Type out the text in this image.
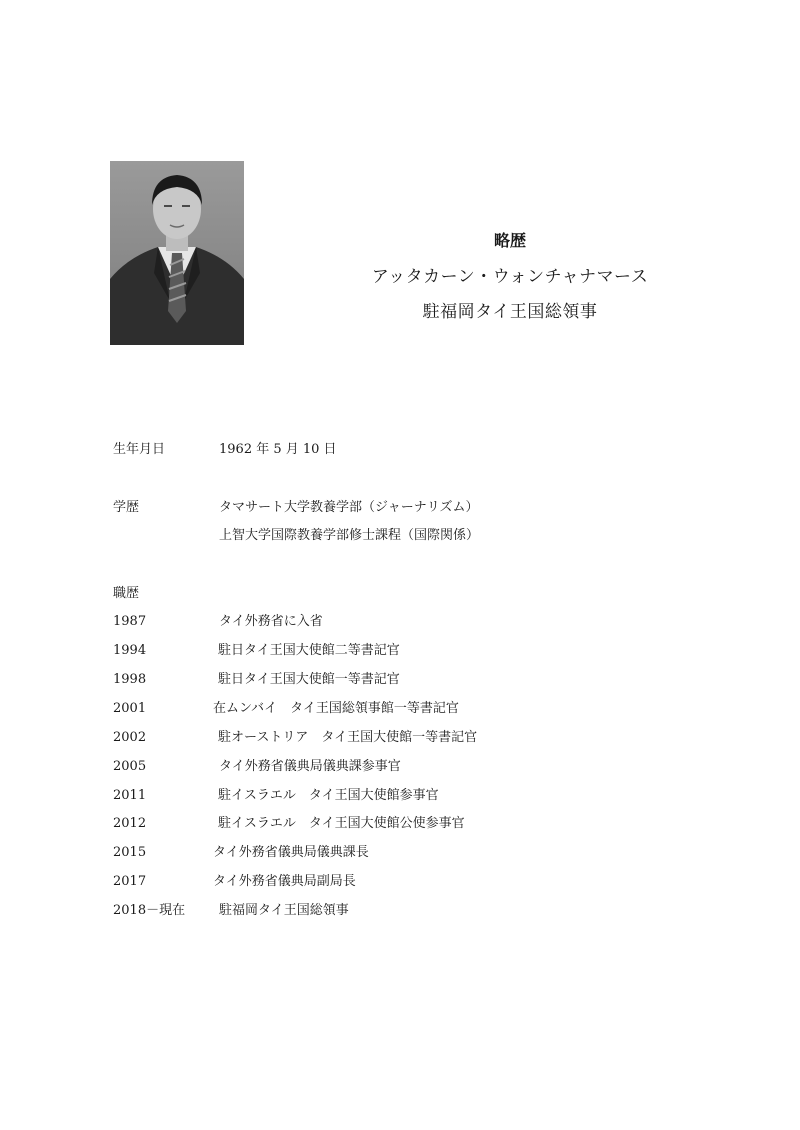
略歴
アッタカーン・ウォンチャナマース
駐福岡タイ王国総領事
生年月日	1962 年 5 月 10 日
学歴	タマサート大学教養学部（ジャーナリズム）
上智大学国際教養学部修士課程（国際関係）
職歴
1987	タイ外務省に入省
1994	駐日タイ王国大使館二等書記官
1998	駐日タイ王国大使館一等書記官
2001	在ムンバイ　タイ王国総領事館一等書記官
2002	駐オーストリア　タイ王国大使館一等書記官
2005	タイ外務省儀典局儀典課参事官
2011	駐イスラエル　タイ王国大使館参事官
2012	駐イスラエル　タイ王国大使館公使参事官
2015	タイ外務省儀典局儀典課長
2017	タイ外務省儀典局副局長
2018－現在	駐福岡タイ王国総領事
